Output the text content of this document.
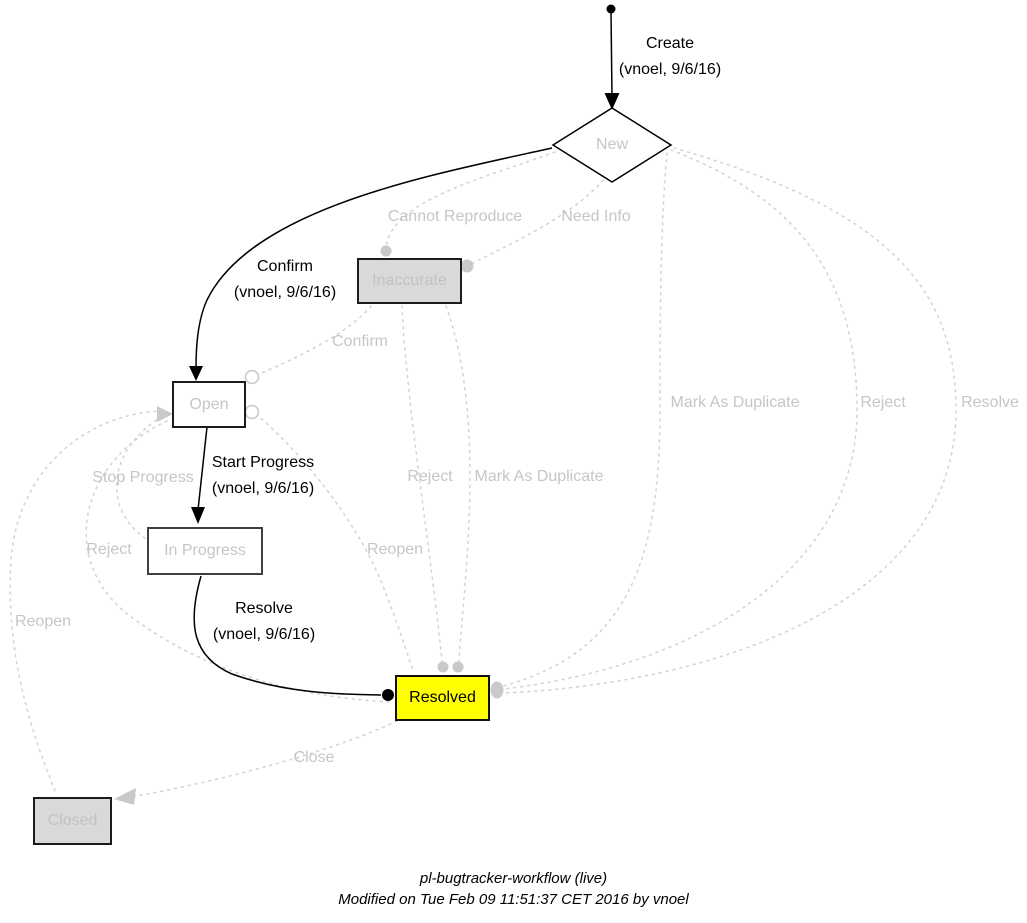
New
Inaccurate
Open
In Progress
Resolved
Closed
Create
(vnoel, 9/6/16)
Confirm
(vnoel, 9/6/16)
Start Progress
(vnoel, 9/6/16)
Resolve
(vnoel, 9/6/16)
Cannot Reproduce Need Info
Confirm
Mark As Duplicate	Reject	Resolve
Reject Mark As Duplicate
Stop Progress
Reject	Reopen
Reopen
Close
pl-bugtracker-workflow (live)
Modified on Tue Feb 09 11:51:37 CET 2016 by vnoel
